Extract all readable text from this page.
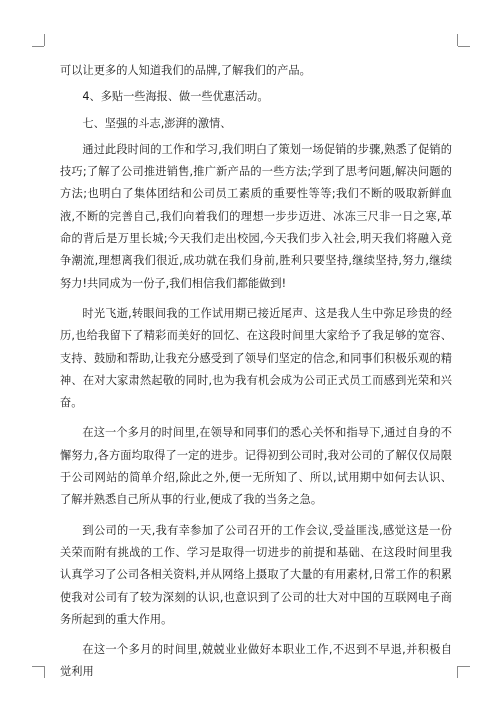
可以让更多的人知道我们的品牌,了解我们的产品。

4、多贴一些海报、做一些优惠活动。

七、坚强的斗志,澎湃的激情、

通过此段时间的工作和学习,我们明白了策划一场促销的步骤,熟悉了促销的技巧;了解了公司推进销售,推广新产品的一些方法;学到了思考问题,解决问题的方法;也明白了集体团结和公司员工素质的重要性等等;我们不断的吸取新鲜血液,不断的完善自己,我们向着我们的理想一步步迈进、冰冻三尺非一日之寒,革命的背后是万里长城;今天我们走出校园,今天我们步入社会,明天我们将融入竞争潮流,理想离我们很近,成功就在我们身前,胜利只要坚持,继续坚持,努力,继续努力!共同成为一份子,我们相信我们都能做到!

时光飞逝,转眼间我的工作试用期已接近尾声、这是我人生中弥足珍贵的经历,也给我留下了精彩而美好的回忆、在这段时间里大家给予了我足够的宽容、支持、鼓励和帮助,让我充分感受到了领导们坚定的信念,和同事们积极乐观的精神、在对大家肃然起敬的同时,也为我有机会成为公司正式员工而感到光荣和兴奋。

在这一个多月的时间里,在领导和同事们的悉心关怀和指导下,通过自身的不懈努力,各方面均取得了一定的进步。记得初到公司时,我对公司的了解仅仅局限于公司网站的简单介绍,除此之外,便一无所知了、所以,试用期中如何去认识、了解并熟悉自己所从事的行业,便成了我的当务之急。

到公司的一天,我有幸参加了公司召开的工作会议,受益匪浅,感觉这是一份关荣而附有挑战的工作、学习是取得一切进步的前提和基础、在这段时间里我认真学习了公司各相关资料,并从网络上摄取了大量的有用素材,日常工作的积累使我对公司有了较为深刻的认识,也意识到了公司的壮大对中国的互联网电子商务所起到的重大作用。

在这一个多月的时间里,兢兢业业做好本职业工作,不迟到不早退,并积极自觉利用
